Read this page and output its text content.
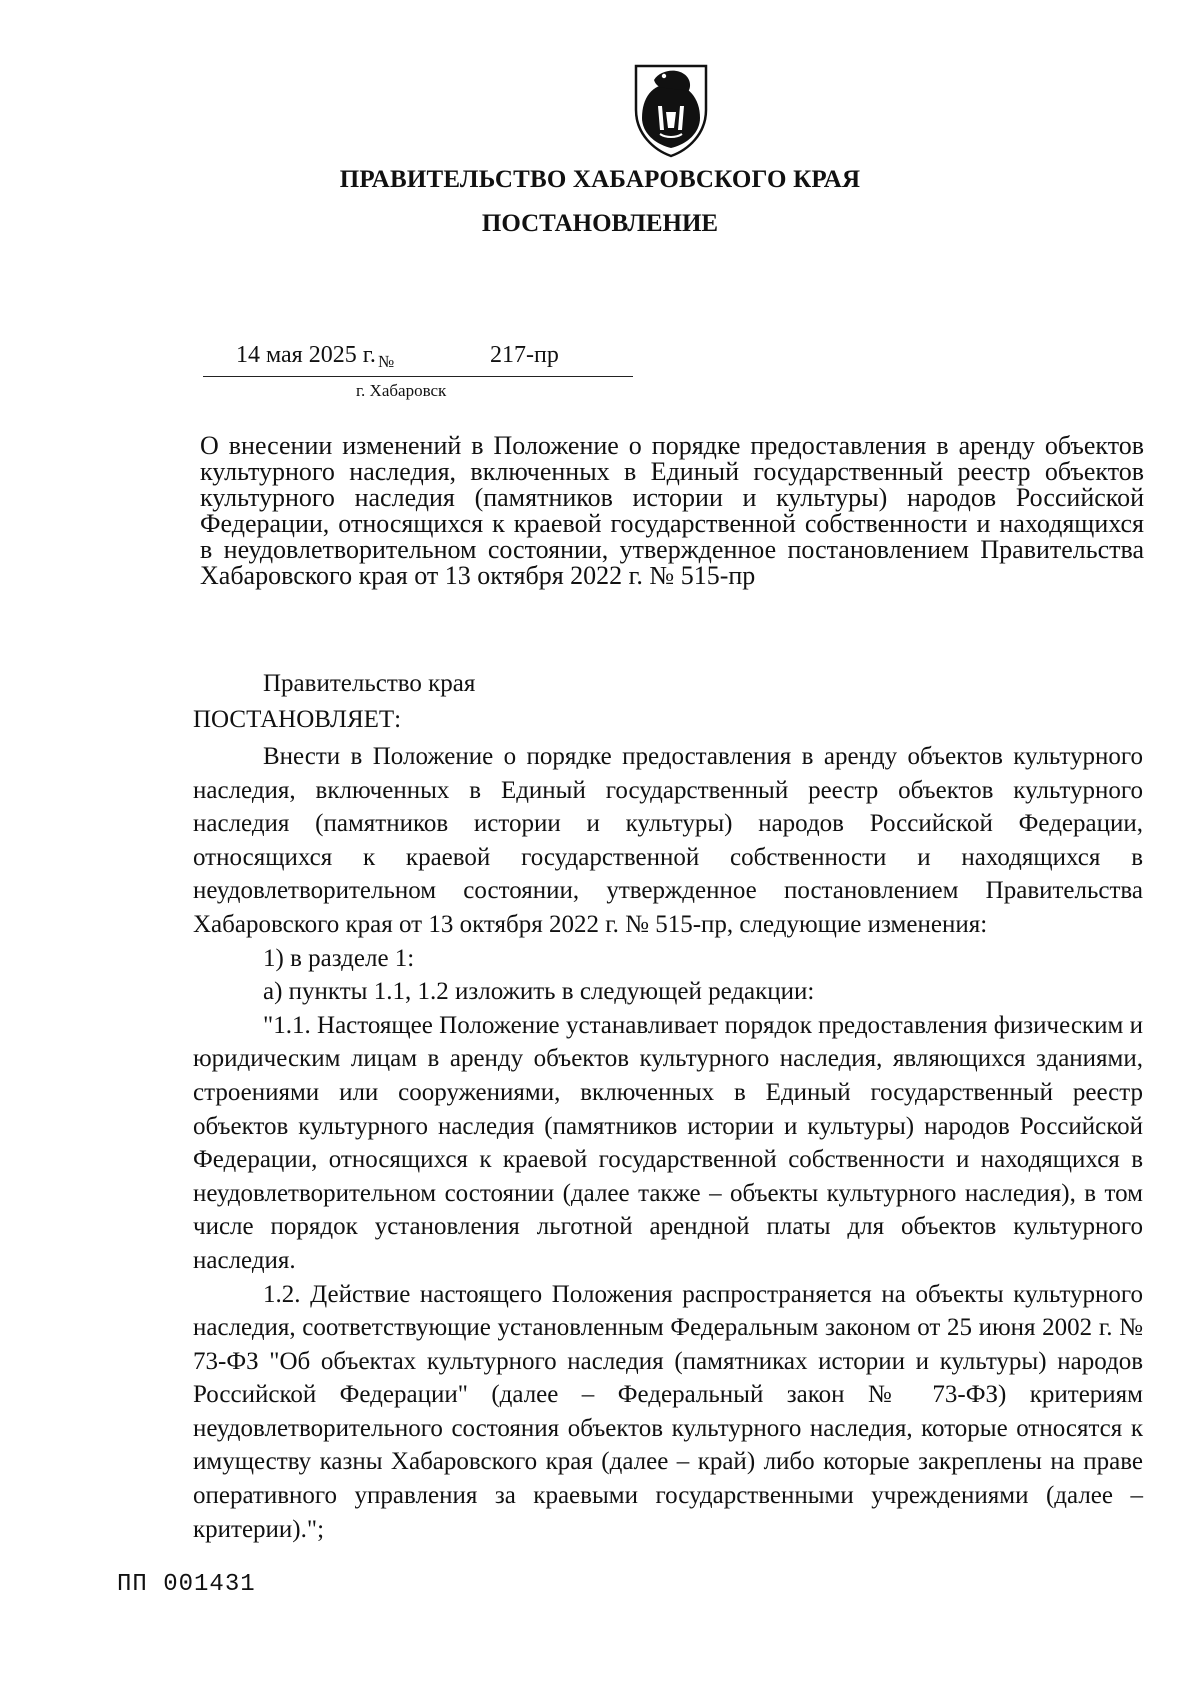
ПРАВИТЕЛЬСТВО ХАБАРОВСКОГО КРАЯ
ПОСТАНОВЛЕНИЕ
14 мая 2025 г. №	217-пр
г. Хабаровск
О внесении изменений в Положение о порядке предоставления в аренду объектов культурного наследия, включенных в Единый государственный реестр объектов культурного наследия (памятников истории и культуры) народов Российской Федерации, относящихся к краевой государственной собственности и находящихся в неудовлетворительном состоянии, утвержденное постановлением Правительства Хабаровского края от 13 октября 2022 г. № 515-пр
Правительство края
ПОСТАНОВЛЯЕТ:

Внести в Положение о порядке предоставления в аренду объектов культурного наследия, включенных в Единый государственный реестр объектов культурного наследия (памятников истории и культуры) народов Российской Федерации, относящихся к краевой государственной собственности и находящихся в неудовлетворительном состоянии, утвержденное постановлением Правительства Хабаровского края от 13 октября 2022 г. № 515-пр, следующие изменения:

1) в разделе 1:

а) пункты 1.1, 1.2 изложить в следующей редакции:

"1.1. Настоящее Положение устанавливает порядок предоставления физическим и юридическим лицам в аренду объектов культурного наследия, являющихся зданиями, строениями или сооружениями, включенных в Единый государственный реестр объектов культурного наследия (памятников истории и культуры) народов Российской Федерации, относящихся к краевой государственной собственности и находящихся в неудовлетворительном состоянии (далее также – объекты культурного наследия), в том числе порядок установления льготной арендной платы для объектов культурного наследия.

1.2. Действие настоящего Положения распространяется на объекты культурного наследия, соответствующие установленным Федеральным законом от 25 июня 2002 г. № 73-ФЗ "Об объектах культурного наследия (памятниках истории и культуры) народов Российской Федерации" (далее – Федеральный закон № 73-ФЗ) критериям неудовлетворительного состояния объектов культурного наследия, которые относятся к имуществу казны Хабаровского края (далее – край) либо которые закреплены на праве оперативного управления за краевыми государственными учреждениями (далее – критерии).";

ПП 001431
